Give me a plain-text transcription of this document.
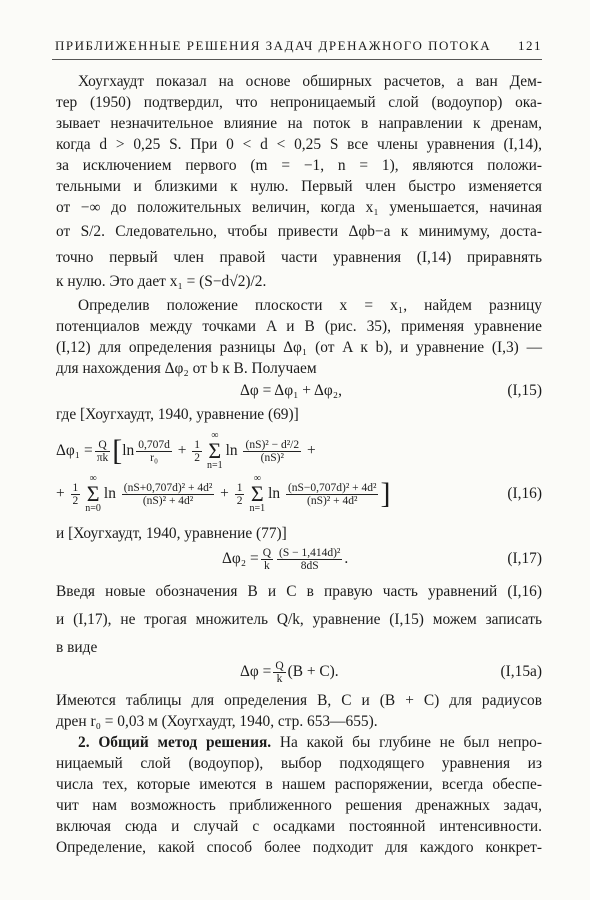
ПРИБЛИЖЕННЫЕ РЕШЕНИЯ ЗАДАЧ ДРЕНАЖНОГО ПОТОКА 121
Хоугхаудт показал на основе обширных расчетов, а ван Дем-
тер (1950) подтвердил, что непроницаемый слой (водоупор) ока-
зывает незначительное влияние на поток в направлении к дренам,
когда d > 0,25 S. При 0 < d < 0,25 S все члены уравнения (I,14),
за исключением первого (m = −1, n = 1), являются положи-
тельными и близкими к нулю. Первый член быстро изменяется
от −∞ до положительных величин, когда x₁ уменьшается, начиная
от S/2. Следовательно, чтобы привести Δφb−a к минимуму, доста-
точно первый член правой части уравнения (I,14) приравнять
к нулю. Это дает x₁ = (S−d√2)/2.
Определив положение плоскости x = x₁, найдем разницу
потенциалов между точками A и B (рис. 35), применяя уравнение
(I,12) для определения разницы Δφ₁ (от A к b), и уравнение (I,3) —
для нахождения Δφ₂ от b к B. Получаем
Δφ = Δφ₁ + Δφ₂,	(I,15)
где [Хоугхаудт, 1940, уравнение (69)]
$\Delta\varphi_1 = \frac{Q}{\pi k}$ [ $\ln \frac{0,707d}{\text{r₀}} + \frac{1}{2}$
∞
Σ
n=1
ln
$\frac{\text{(nS)² − d²/2}}{\text{(nS)²}}$ +
+ $\frac{1}{2}$
∞
Σ
n=0
ln
$\frac{\text{(nS+0,707d)² + 4d²}}{\text{(nS)² + 4d²}} + \frac{1}{2}$
∞
Σ
n=1
ln
$\frac{\text{(nS−0,707d)² + 4d²}}{\text{(nS)² + 4d²}}$ ]	(I,16)
и [Хоугхаудт, 1940, уравнение (77)]
$\Delta\varphi_2 = \frac{Q}{k} \frac{\text{(S − 1,414d)²}}{8dS}$ .	(I,17)
Введя новые обозначения B и C в правую часть уравнений (I,16)
и (I,17), не трогая множитель Q/k, уравнение (I,15) можем записать
в виде
$\Delta\varphi = \frac{Q}{k} (B + C)$.	(I,15a)
Имеются таблицы для определения B, C и (B + C) для радиусов
дрен r₀ = 0,03 м (Хоугхаудт, 1940, стр. 653—655).
2. Общий метод решения. На какой бы глубине не был непро-
ницаемый слой (водоупор), выбор подходящего уравнения из
числа тех, которые имеются в нашем распоряжении, всегда обеспе-
чит нам возможность приближенного решения дренажных задач,
включая сюда и случай с осадками постоянной интенсивности.
Определение, какой способ более подходит для каждого конкрет-
